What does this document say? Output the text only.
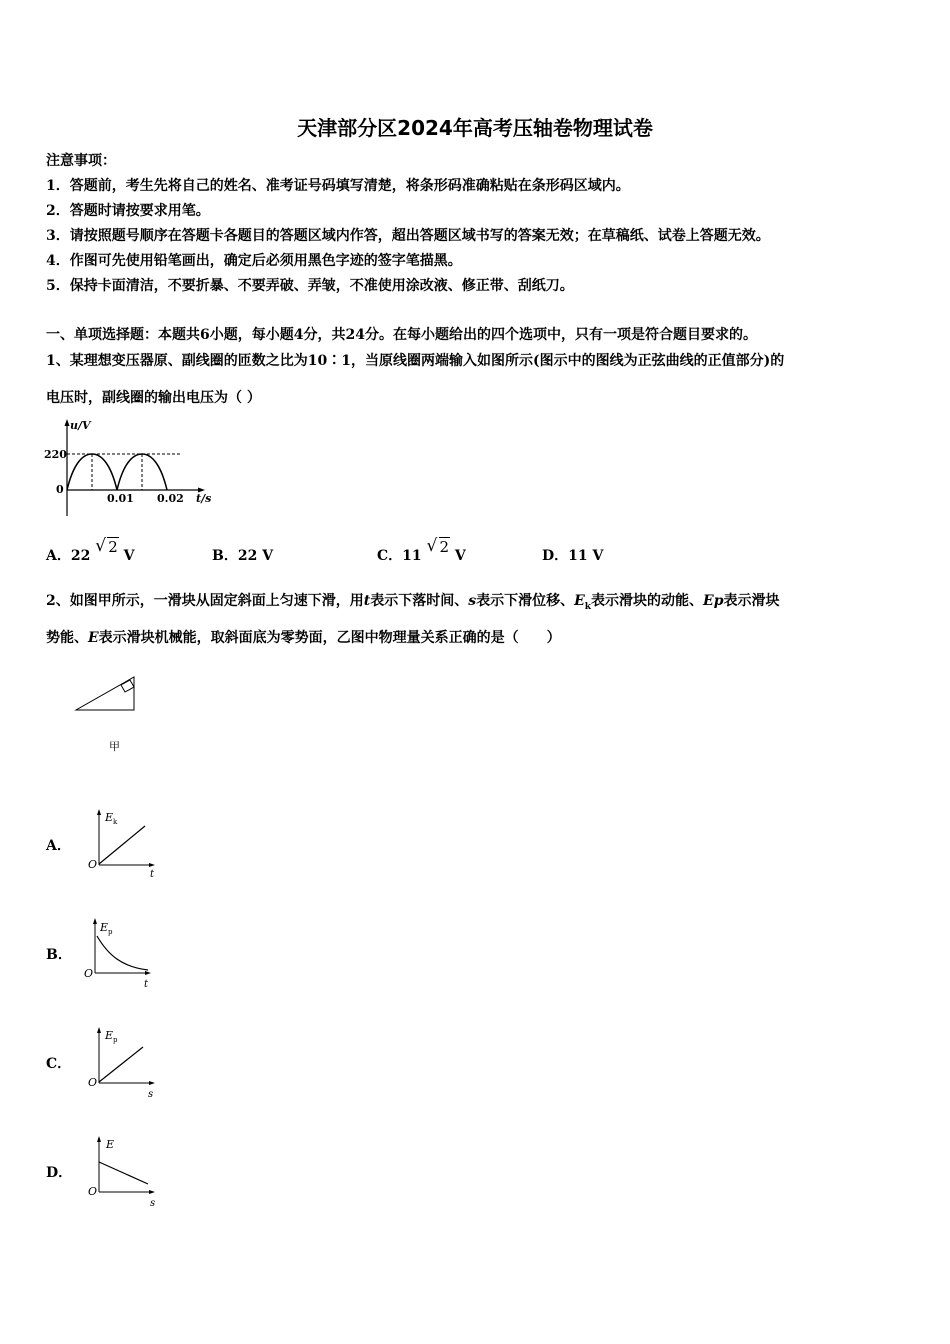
天津部分区2024年高考压轴卷物理试卷
注意事项：
1．答题前，考生先将自己的姓名、准考证号码填写清楚，将条形码准确粘贴在条形码区域内。
2．答题时请按要求用笔。
3．请按照题号顺序在答题卡各题目的答题区域内作答，超出答题区域书写的答案无效；在草稿纸、试卷上答题无效。
4．作图可先使用铅笔画出，确定后必须用黑色字迹的签字笔描黑。
5．保持卡面清洁，不要折暴、不要弄破、弄皱，不准使用涂改液、修正带、刮纸刀。
一、单项选择题：本题共6小题，每小题4分，共24分。在每小题给出的四个选项中，只有一项是符合题目要求的。
1、某理想变压器原、副线圈的匝数之比为10∶1，当原线圈两端输入如图所示(图示中的图线为正弦曲线的正值部分)的
电压时，副线圈的输出电压为（ ）
u/V
220
0
0.01 0.02 t/s
A．22 √ 2 V	B．22 V	C．11 √ 2 V	D．11 V
2、如图甲所示，一滑块从固定斜面上匀速下滑，用t表示下落时间、s表示下滑位移、$E_k$表示滑块的动能、Ep表示滑块
势能、E表示滑块机械能，取斜面底为零势面，乙图中物理量关系正确的是（　　）
甲
A．
E k
O
t
B．
E p
O
t
C．
E p
O
s
D．
E
O
s
